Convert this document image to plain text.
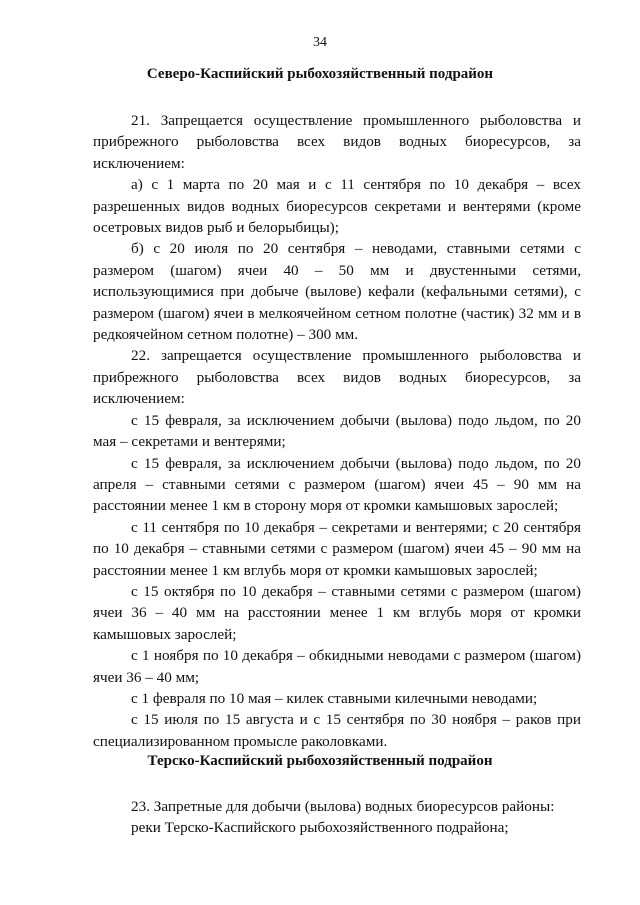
34
Северо-Каспийский рыбохозяйственный подрайон

21. Запрещается осуществление промышленного рыболовства и прибрежного рыболовства всех видов водных биоресурсов, за исключением:

а) с 1 марта по 20 мая и с 11 сентября по 10 декабря – всех разрешенных видов водных биоресурсов секретами и вентерями (кроме осетровых видов рыб и белорыбицы);

б) с 20 июля по 20 сентября – неводами, ставными сетями с размером (шагом) ячеи 40 – 50 мм и двустенными сетями, использующимися при добыче (вылове) кефали (кефальными сетями), с размером (шагом) ячеи в мелкоячейном сетном полотне (частик) 32 мм и в редкоячейном сетном полотне) – 300 мм.

22. запрещается осуществление промышленного рыболовства и прибрежного рыболовства всех видов водных биоресурсов, за исключением:

с 15 февраля, за исключением добычи (вылова) подо льдом, по 20 мая – секретами и вентерями;

с 15 февраля, за исключением добычи (вылова) подо льдом, по 20 апреля – ставными сетями с размером (шагом) ячеи 45 – 90 мм на расстоянии менее 1 км в сторону моря от кромки камышовых зарослей;

с 11 сентября по 10 декабря – секретами и вентерями; с 20 сентября по 10 декабря – ставными сетями с размером (шагом) ячеи 45 – 90 мм на расстоянии менее 1 км вглубь моря от кромки камышовых зарослей;

с 15 октября по 10 декабря – ставными сетями с размером (шагом) ячеи 36 – 40 мм на расстоянии менее 1 км вглубь моря от кромки камышовых зарослей;

с 1 ноября по 10 декабря – обкидными неводами с размером (шагом) ячеи 36 – 40 мм;

с 1 февраля по 10 мая – килек ставными килечными неводами;

с 15 июля по 15 августа и с 15 сентября по 30 ноября – раков при специализированном промысле раколовками.

Терско-Каспийский рыбохозяйственный подрайон

23. Запретные для добычи (вылова) водных биоресурсов районы:

реки Терско-Каспийского рыбохозяйственного подрайона;
